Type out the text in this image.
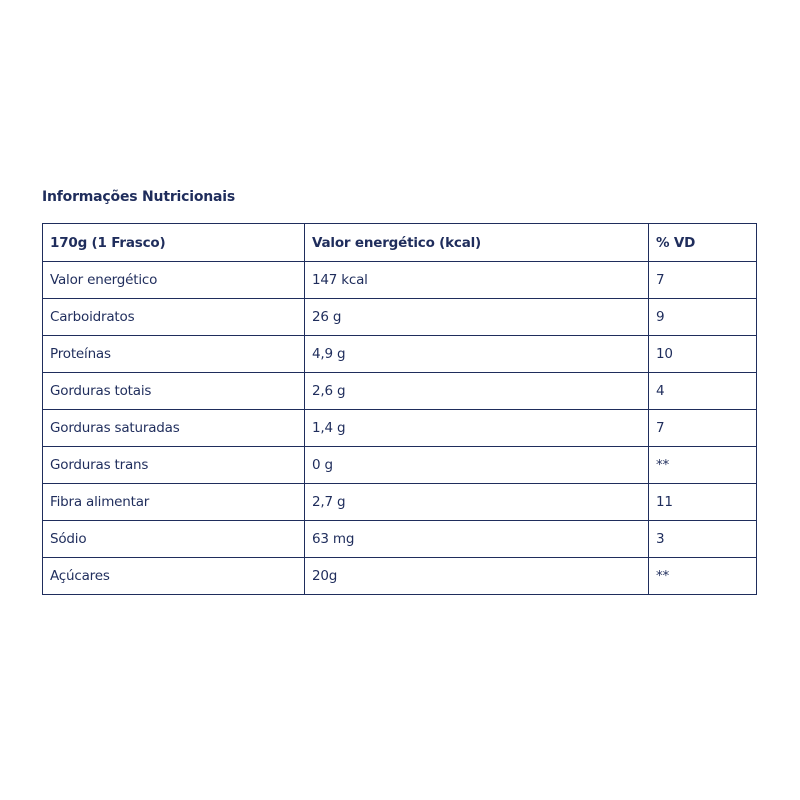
Informações Nutricionais
170g (1 Frasco)	Valor energético (kcal)	% VD
Valor energético	147 kcal	7
Carboidratos	26 g	9
Proteínas	4,9 g	10
Gorduras totais	2,6 g	4
Gorduras saturadas	1,4 g	7
Gorduras trans	0 g	**
Fibra alimentar	2,7 g	11
Sódio	63 mg	3
Açúcares	20g	**
